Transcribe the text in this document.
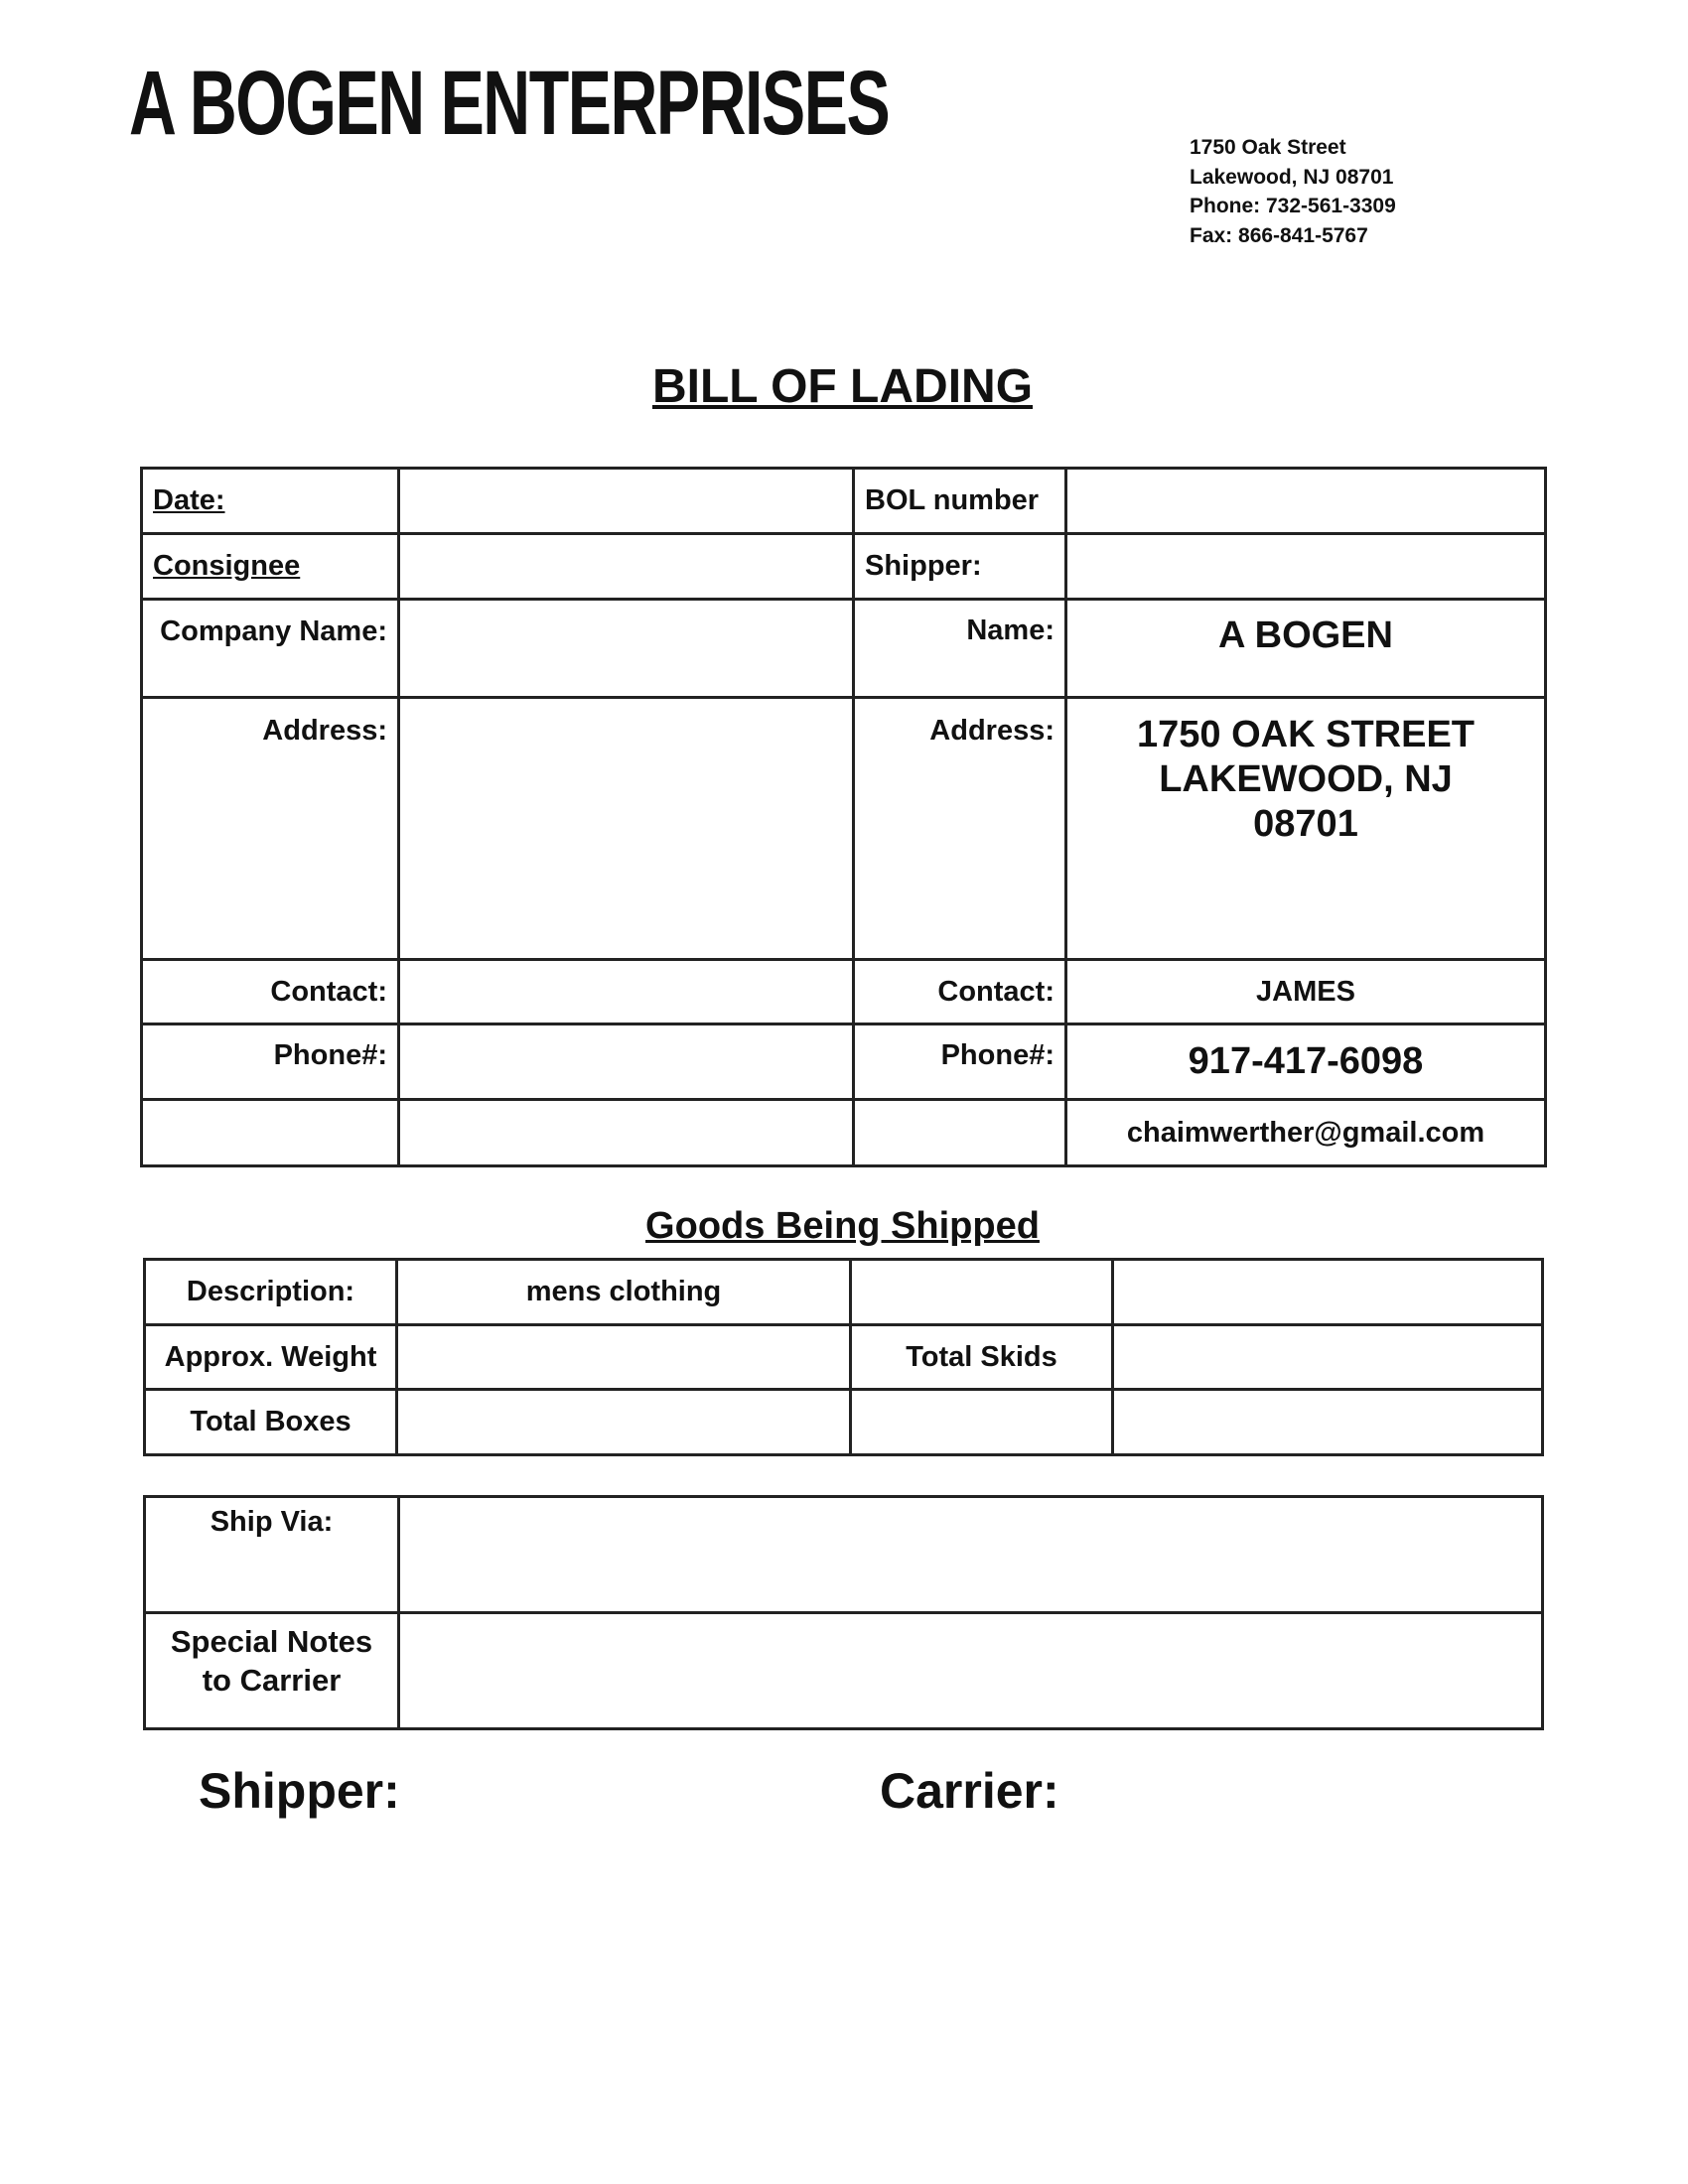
A BOGEN ENTERPRISES	1750 Oak Street
Lakewood, NJ 08701
Phone: 732-561-3309
Fax: 866-841-5767
BILL OF LADING
Date:		BOL number	
Consignee		Shipper:	
Company Name:		Name:	A BOGEN
Address:		Address:	1750 OAK STREET
LAKEWOOD, NJ
08701

Contact:		Contact:	JAMES
Phone#:		Phone#:	917-417-6098
			chaimwerther@gmail.com
Goods Being Shipped
Description:	mens clothing		
Approx. Weight		Total Skids	
Total Boxes			
Ship Via:	
Special Notes to Carrier	
Shipper:	Carrier:
